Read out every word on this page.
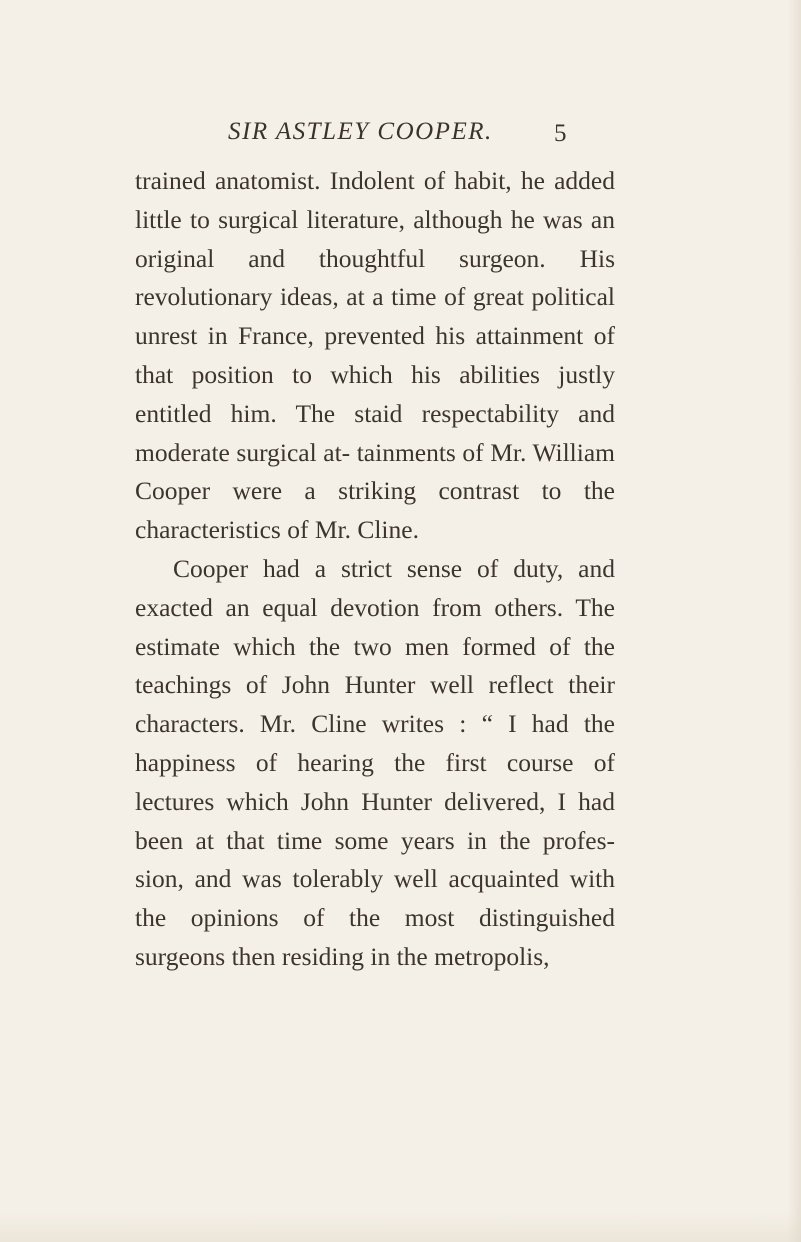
SIR ASTLEY COOPER. 5

trained anatomist. Indolent of habit, he added little to surgical literature, although he was an original and thoughtful surgeon. His revolutionary ideas, at a time of great political unrest in France, prevented his attainment of that position to which his abilities justly entitled him. The staid respectability and moderate surgical at- tainments of Mr. William Cooper were a striking contrast to the characteristics of Mr. Cline.

Cooper had a strict sense of duty, and exacted an equal devotion from others. The estimate which the two men formed of the teachings of John Hunter well reflect their characters. Mr. Cline writes : “ I had the happiness of hearing the first course of lectures which John Hunter delivered, I had been at that time some years in the profes- sion, and was tolerably well acquainted with the opinions of the most distinguished surgeons then residing in the metropolis,
